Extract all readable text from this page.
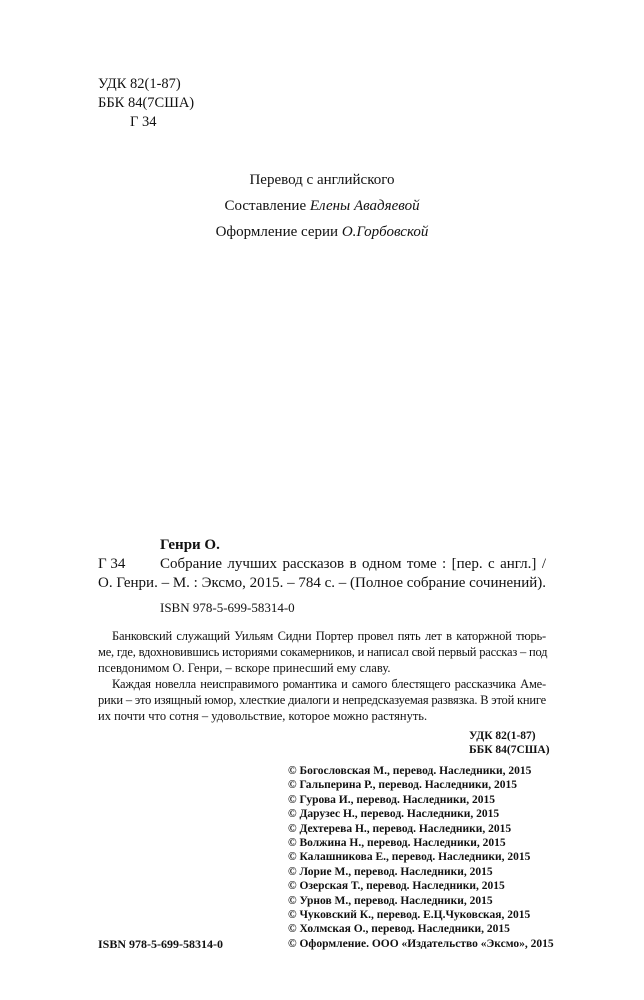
УДК 82(1-87)
ББК 84(7США)
Г 34
Перевод с английского
Составление Елены Авадяевой
Оформление серии О.Горбовской
Генри О.
Г 34 Собрание лучших рассказов в одном томе : [пер. с англ.] /
О. Генри. – М. : Эксмо, 2015. – 784 с. – (Полное собрание сочинений).
ISBN 978-5-699-58314-0
Банковский служащий Уильям Сидни Портер провел пять лет в каторжной тюрь-
ме, где, вдохновившись историями сокамерников, и написал свой первый рассказ – под
псевдонимом О. Генри, – вскоре принесший ему славу.
Каждая новелла неисправимого романтика и самого блестящего рассказчика Аме-
рики – это изящный юмор, хлесткие диалоги и непредсказуемая развязка. В этой книге
их почти что сотня – удовольствие, которое можно растянуть.
УДК 82(1-87)
ББК 84(7США)
© Богословская М., перевод. Наследники, 2015
© Гальперина Р., перевод. Наследники, 2015
© Гурова И., перевод. Наследники, 2015
© Дарузес Н., перевод. Наследники, 2015
© Дехтерева Н., перевод. Наследники, 2015
© Волжина Н., перевод. Наследники, 2015
© Калашникова Е., перевод. Наследники, 2015
© Лорие М., перевод. Наследники, 2015
© Озерская Т., перевод. Наследники, 2015
© Урнов М., перевод. Наследники, 2015
© Чуковский К., перевод. Е.Ц.Чуковская, 2015
© Холмская О., перевод. Наследники, 2015
© Оформление. ООО «Издательство «Эксмо», 2015
ISBN 978-5-699-58314-0
